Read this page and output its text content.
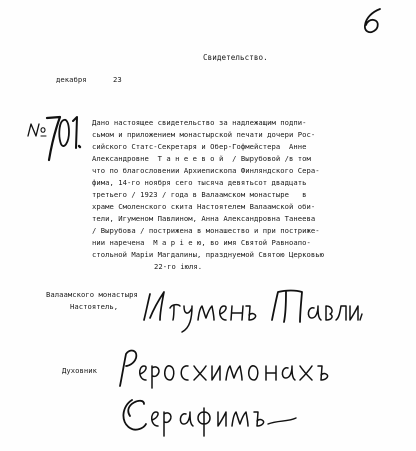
Свидетельство.
декабря	23
Дано настоящее свидетельство за надлежащим подпи-
сьмом и приложением монастырской печати дочери Рос-
сийского Статс-Секретаря и Обер-Гофмейстера  Анне
Александровне  Т а н е е в о й  / Вырубовой /в том
что по благословении Архиепископа Финляндского Сера-
фима, 14-го ноября сего тысяча девятьсот двадцать
третьего / 1923 / года в Валаамском монастыре   в
храме Смоленского скита Настоятелем Валаамской оби-
тели, Игуменом Павлином, Анна Александровна Танеева
/ Вырубова / пострижена в монашество и при постриже-
нии наречена  М а р і е ю, во имя Святой Равноапо-
стольной Маріи Магдалины, празднуемой Святою Церковью
22-го іюля.
Валаамского монастыря
Настоятель,
Духовник
